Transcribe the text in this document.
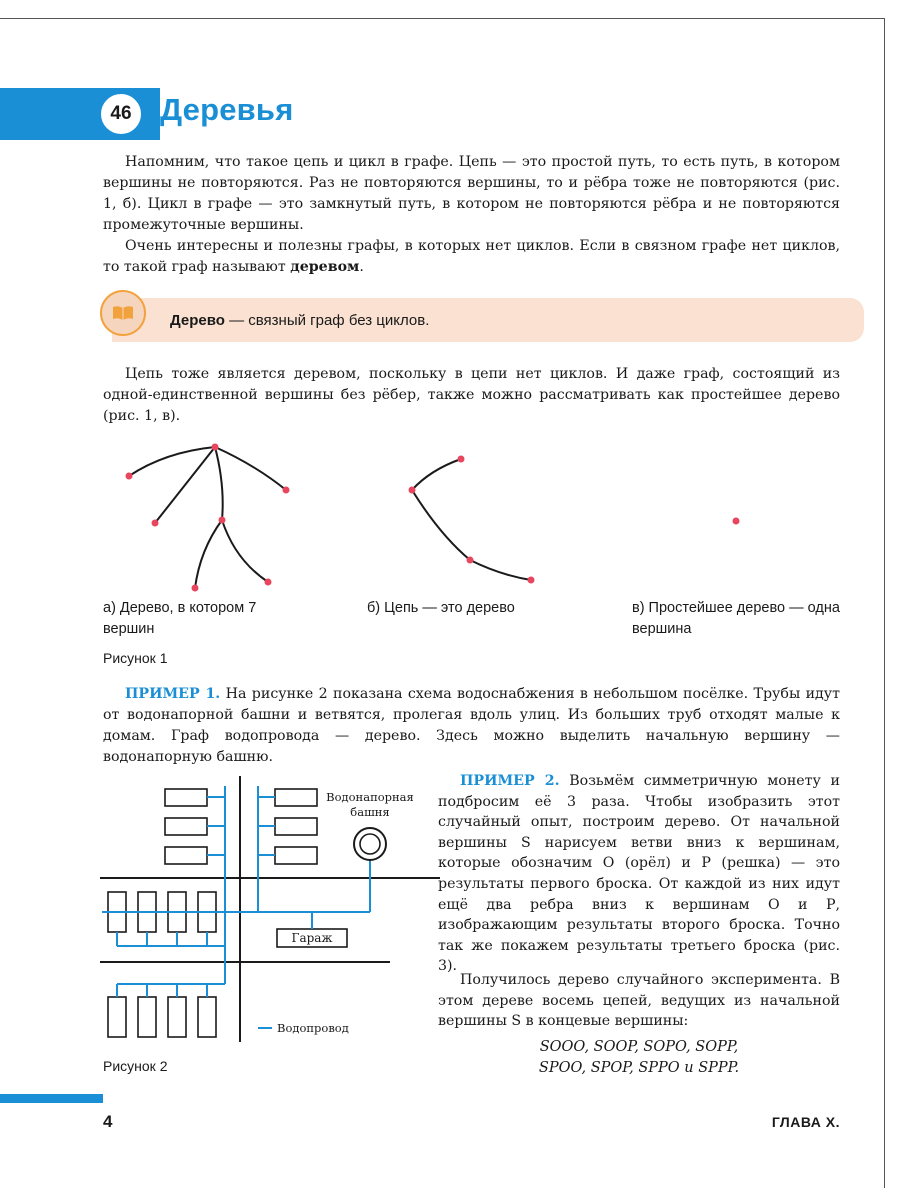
46 Деревья

Напомним, что такое цепь и цикл в графе. Цепь — это простой путь, то есть путь, в котором вершины не повторяются. Раз не повторяются вершины, то и рёбра тоже не повторяются (рис. 1, б). Цикл в графе — это замкнутый путь, в котором не повторяются рёбра и не повторяются промежуточные вершины.

Очень интересны и полезны графы, в которых нет циклов. Если в связном графе нет циклов, то такой граф называют деревом.

Дерево — связный граф без циклов.

Цепь тоже является деревом, поскольку в цепи нет циклов. И даже граф, состоящий из одной-единственной вершины без рёбер, также можно рассматривать как простейшее дерево (рис. 1, в).

а) Дерево, в котором 7 вершин
б) Цепь — это дерево	в) Простейшее дерево — одна вершина
Рисунок 1

ПРИМЕР 1. На рисунке 2 показана схема водоснабжения в небольшом посёлке. Трубы идут от водонапорной башни и ветвятся, пролегая вдоль улиц. Из больших труб отходят малые к домам. Граф водопровода — дерево. Здесь можно выделить начальную вершину — водонапорную башню.

Водонапорная башня
Гараж
Водопровод
Рисунок 2

ПРИМЕР 2. Возьмём симметричную монету и подбросим её 3 раза. Чтобы изобразить этот случайный опыт, построим дерево. От начальной вершины S нарисуем ветви вниз к вершинам, которые обозначим О (орёл) и Р (решка) — это результаты первого броска. От каждой из них идут ещё два ребра вниз к вершинам О и Р, изображающим результаты второго броска. Точно так же покажем результаты третьего броска (рис. 3).

Получилось дерево случайного эксперимента. В этом дереве восемь цепей, ведущих из начальной вершины S в концевые вершины:

SOOO, SOOP, SOPO, SOPP,
SPOO, SPOP, SPPO и SPPP.
4	ГЛАВА Х.
